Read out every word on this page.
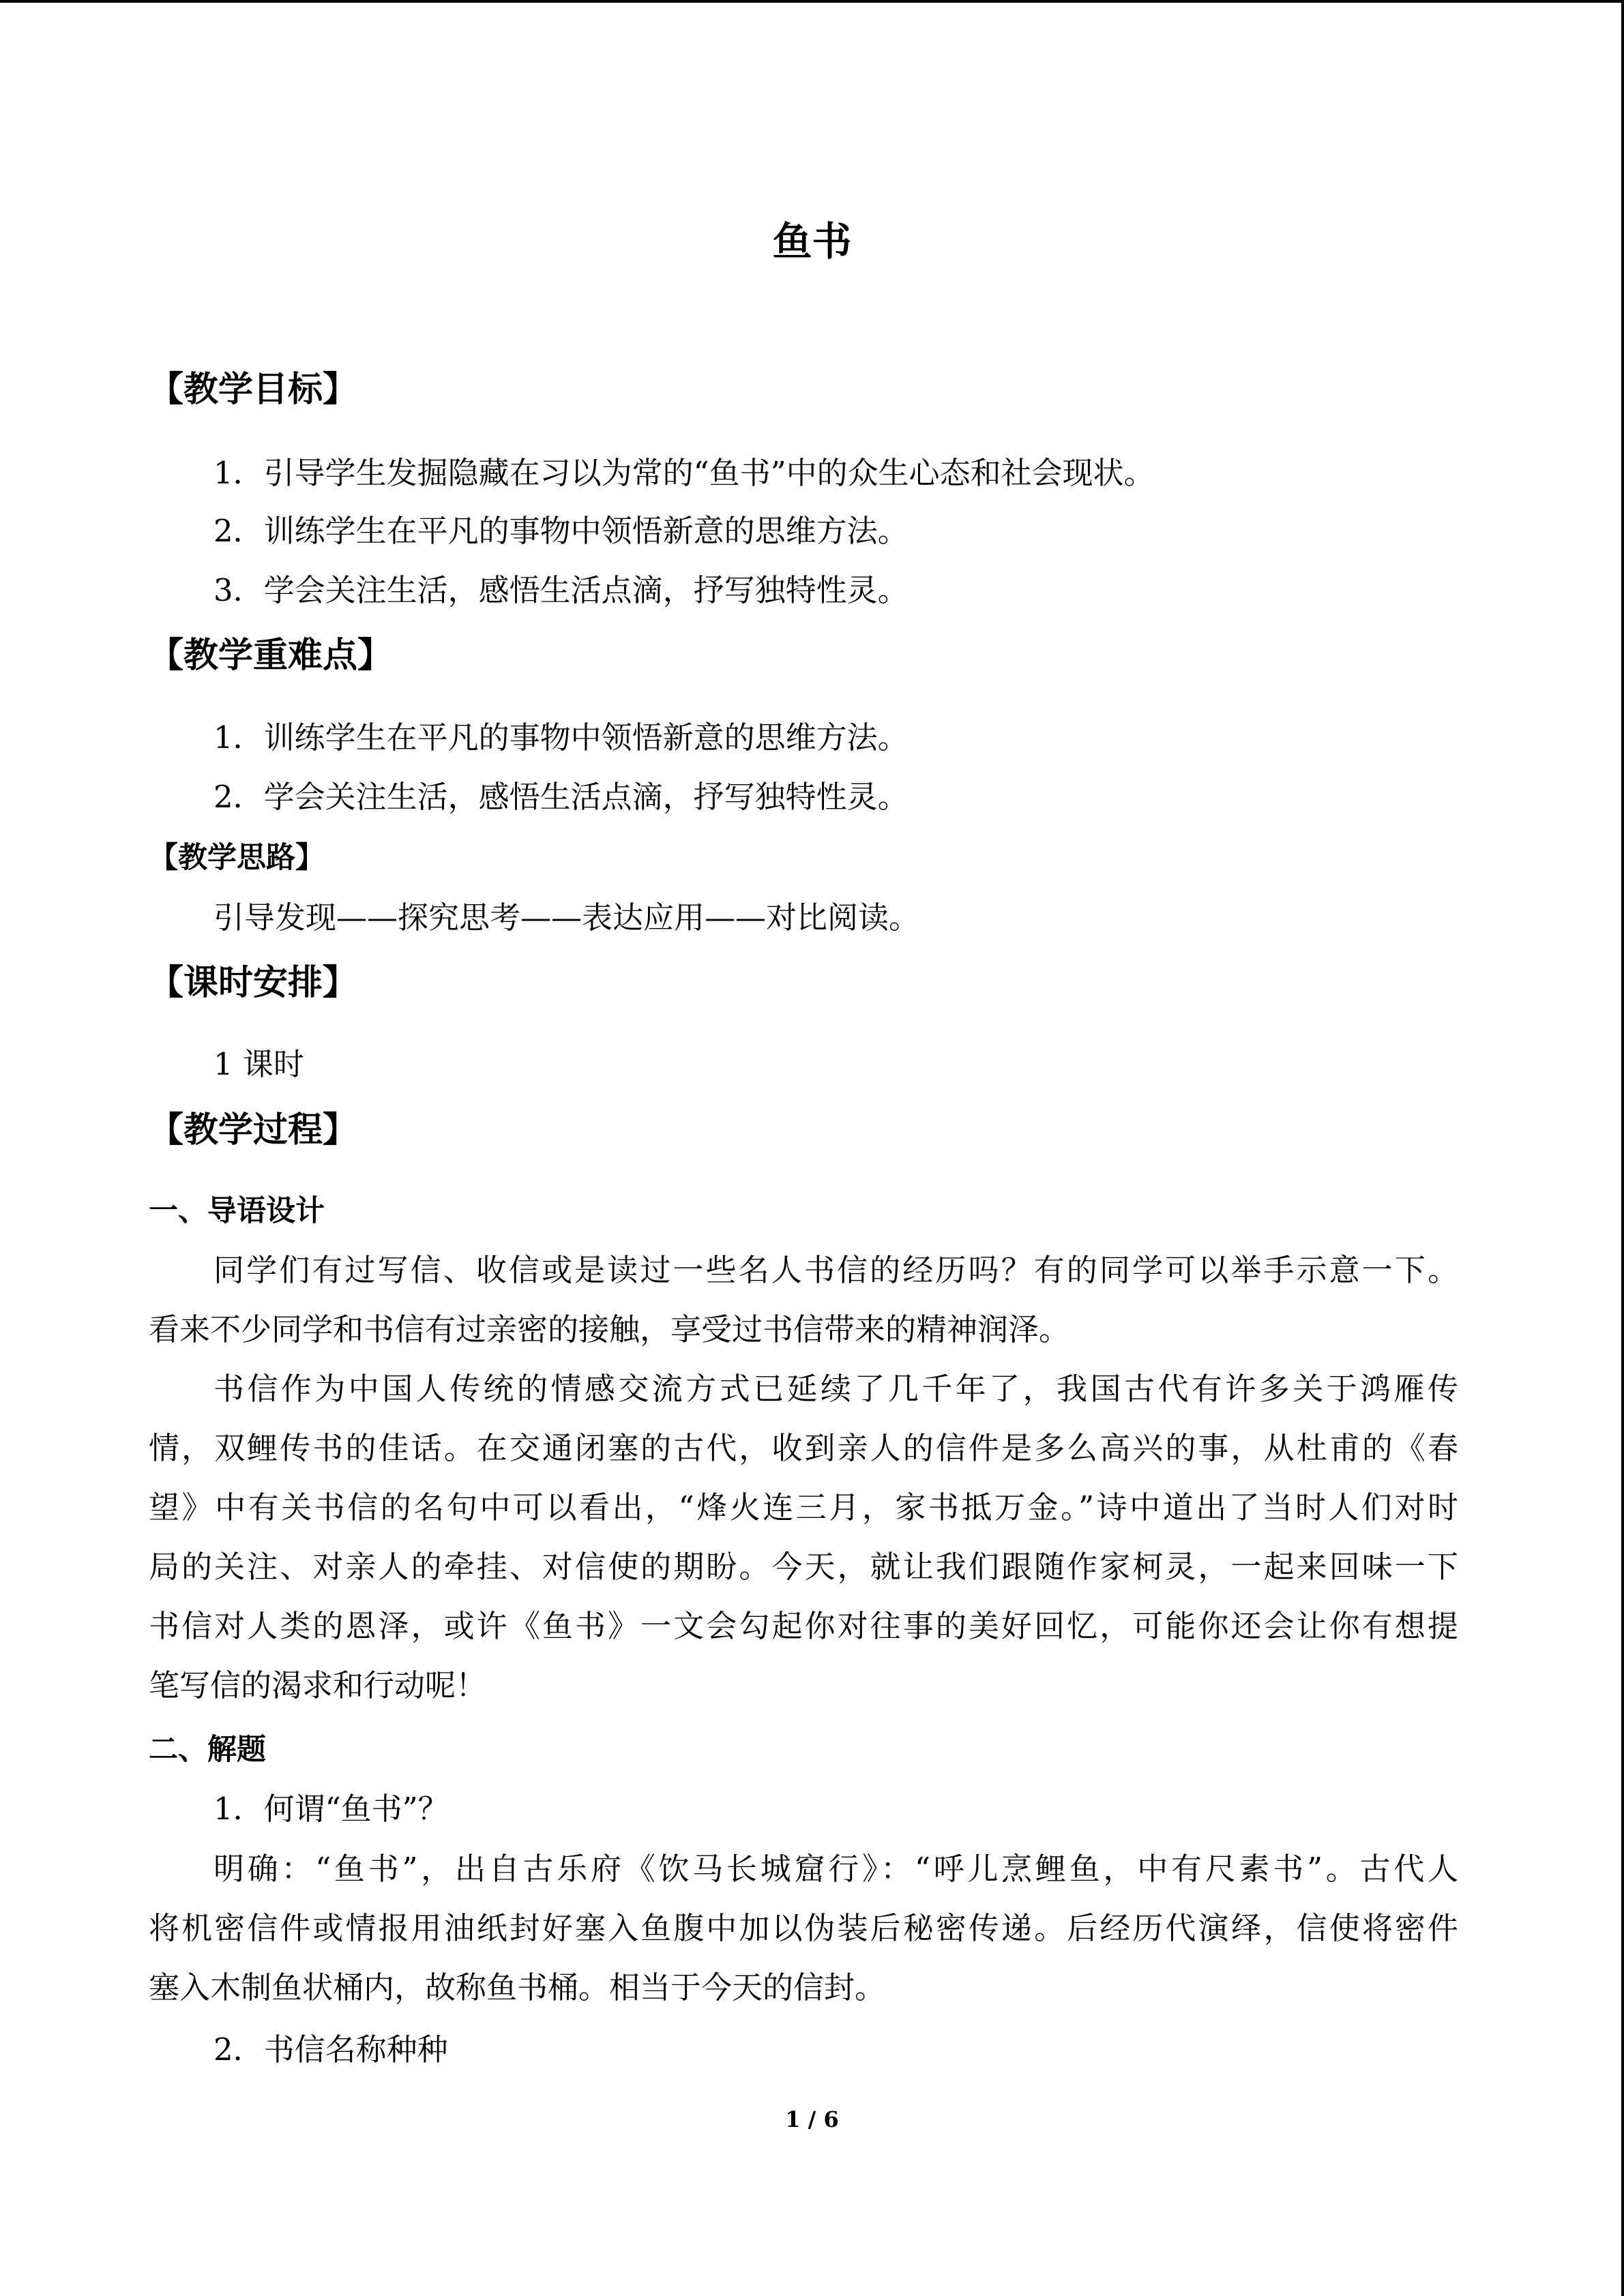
鱼书
【教学目标】
1．引导学生发掘隐藏在习以为常的“鱼书”中的众生心态和社会现状。
2．训练学生在平凡的事物中领悟新意的思维方法。
3．学会关注生活，感悟生活点滴，抒写独特性灵。
【教学重难点】
1．训练学生在平凡的事物中领悟新意的思维方法。
2．学会关注生活，感悟生活点滴，抒写独特性灵。
【教学思路】
引导发现——探究思考——表达应用——对比阅读。
【课时安排】
1 课时
【教学过程】
一、导语设计
同学们有过写信、收信或是读过一些名人书信的经历吗？有的同学可以举手示意一下。
看来不少同学和书信有过亲密的接触，享受过书信带来的精神润泽。
书信作为中国人传统的情感交流方式已延续了几千年了，我国古代有许多关于鸿雁传
情，双鲤传书的佳话。在交通闭塞的古代，收到亲人的信件是多么高兴的事，从杜甫的《春
望》中有关书信的名句中可以看出，“烽火连三月，家书抵万金。”诗中道出了当时人们对时
局的关注、对亲人的牵挂、对信使的期盼。今天，就让我们跟随作家柯灵，一起来回味一下
书信对人类的恩泽，或许《鱼书》一文会勾起你对往事的美好回忆，可能你还会让你有想提
笔写信的渴求和行动呢！
二、解题
1．何谓“鱼书”？
明确：“鱼书”，出自古乐府《饮马长城窟行》：“呼儿烹鲤鱼，中有尺素书”。古代人
将机密信件或情报用油纸封好塞入鱼腹中加以伪装后秘密传递。后经历代演绎，信使将密件
塞入木制鱼状桶内，故称鱼书桶。相当于今天的信封。
2．书信名称种种
1 / 6
